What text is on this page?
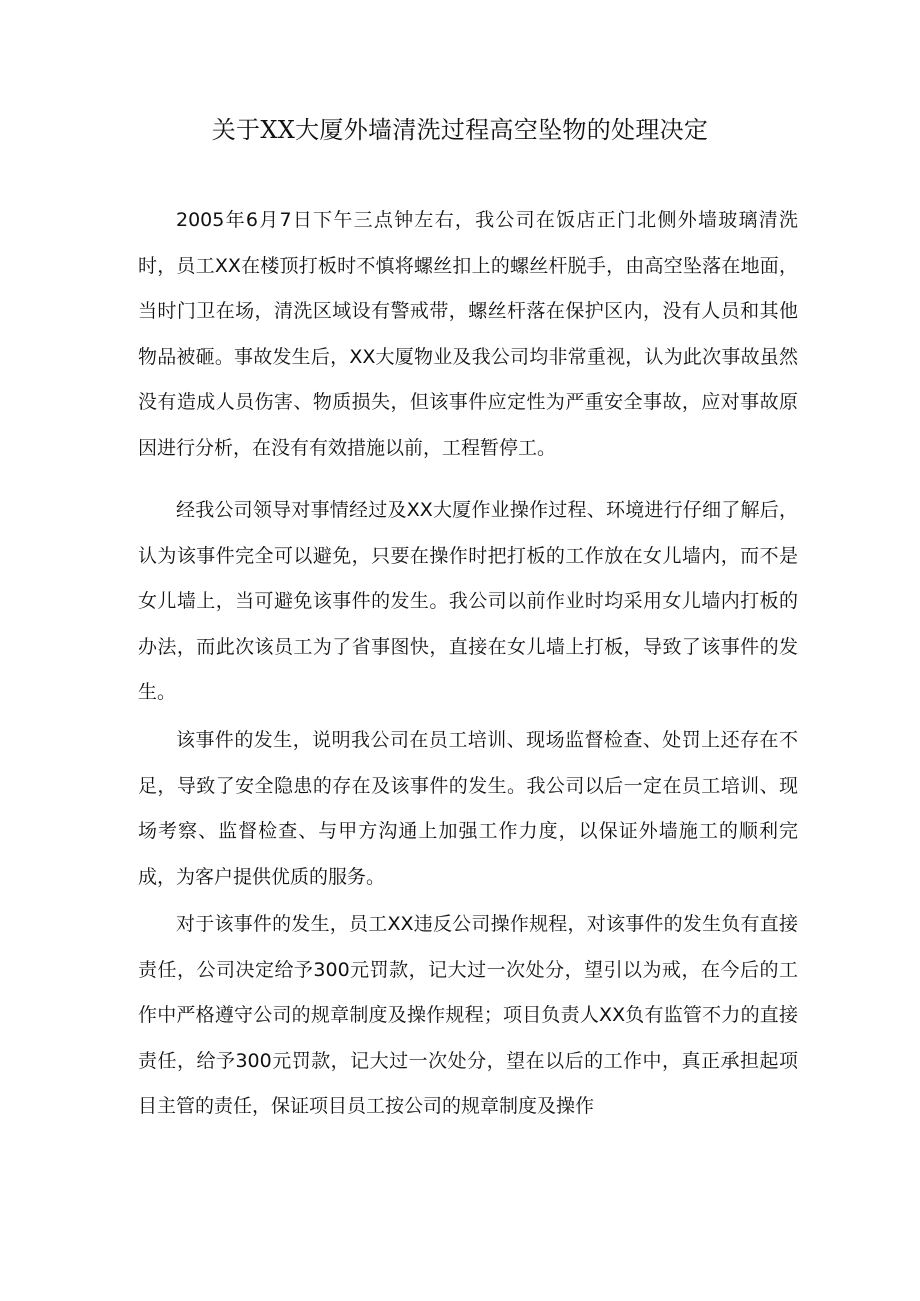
关于XX大厦外墙清洗过程高空坠物的处理决定

2005年6月7日下午三点钟左右，我公司在饭店正门北侧外墙玻璃清洗时，员工XX在楼顶打板时不慎将螺丝扣上的螺丝杆脱手，由高空坠落在地面，当时门卫在场，清洗区域设有警戒带，螺丝杆落在保护区内，没有人员和其他物品被砸。事故发生后，XX大厦物业及我公司均非常重视，认为此次事故虽然没有造成人员伤害、物质损失，但该事件应定性为严重安全事故，应对事故原因进行分析，在没有有效措施以前，工程暂停工。

经我公司领导对事情经过及XX大厦作业操作过程、环境进行仔细了解后，认为该事件完全可以避免，只要在操作时把打板的工作放在女儿墙内，而不是女儿墙上，当可避免该事件的发生。我公司以前作业时均采用女儿墙内打板的办法，而此次该员工为了省事图快，直接在女儿墙上打板，导致了该事件的发生。

该事件的发生，说明我公司在员工培训、现场监督检查、处罚上还存在不足，导致了安全隐患的存在及该事件的发生。我公司以后一定在员工培训、现场考察、监督检查、与甲方沟通上加强工作力度，以保证外墙施工的顺利完成，为客户提供优质的服务。

对于该事件的发生，员工XX违反公司操作规程，对该事件的发生负有直接责任，公司决定给予300元罚款，记大过一次处分，望引以为戒，在今后的工作中严格遵守公司的规章制度及操作规程；项目负责人XX负有监管不力的直接责任，给予300元罚款，记大过一次处分，望在以后的工作中，真正承担起项目主管的责任，保证项目员工按公司的规章制度及操作
